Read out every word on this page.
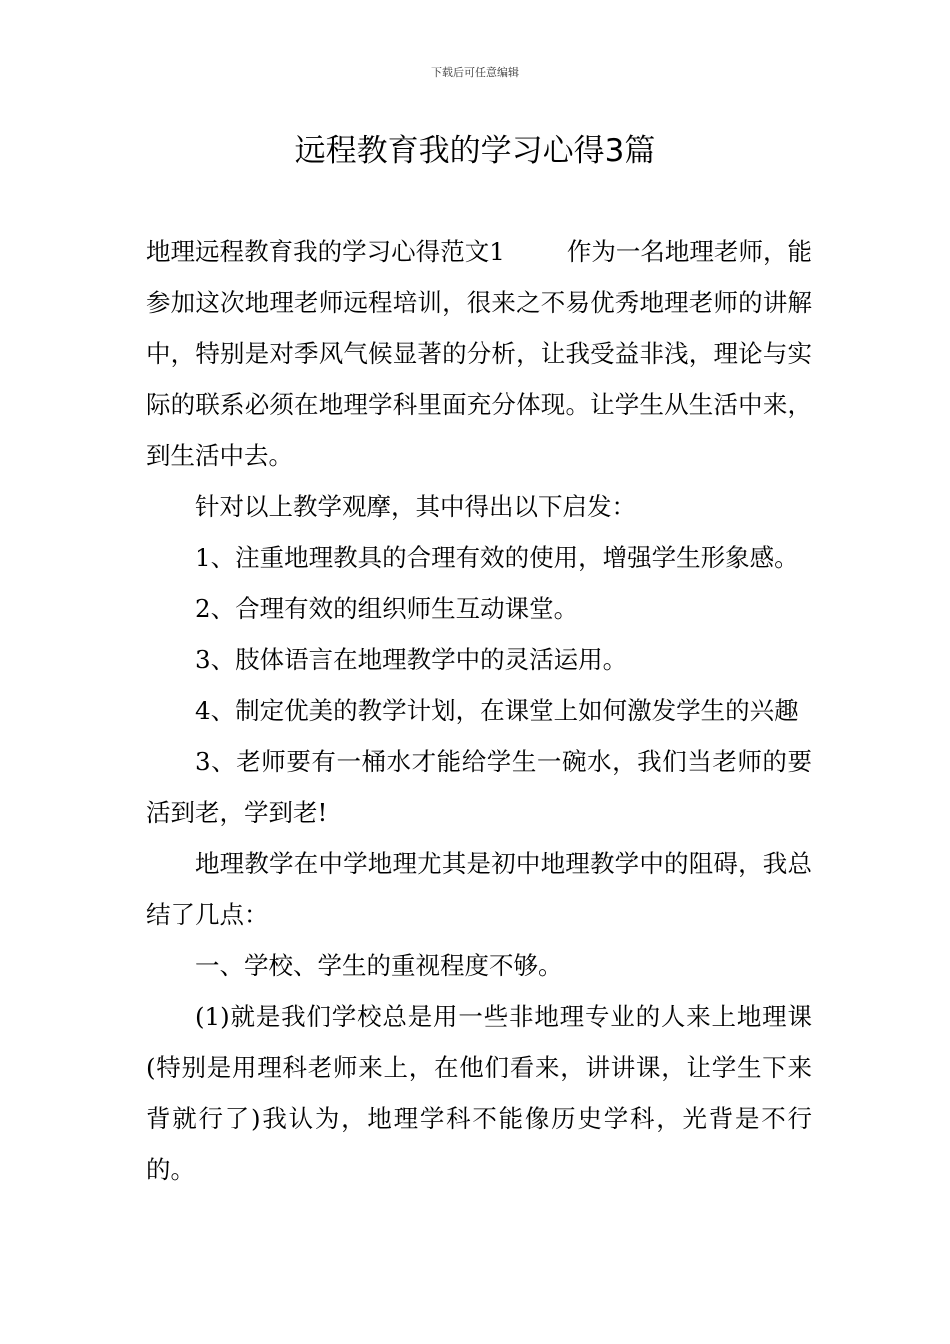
下载后可任意编辑
远程教育我的学习心得3篇

地理远程教育我的学习心得范文1	作为一名地理老师，能参加这次地理老师远程培训，很来之不易优秀地理老师的讲解中，特别是对季风气候显著的分析，让我受益非浅，理论与实际的联系必须在地理学科里面充分体现。让学生从生活中来，到生活中去。

针对以上教学观摩，其中得出以下启发：

1、注重地理教具的合理有效的使用，增强学生形象感。

2、合理有效的组织师生互动课堂。

3、肢体语言在地理教学中的灵活运用。

4、制定优美的教学计划，在课堂上如何激发学生的兴趣

3、老师要有一桶水才能给学生一碗水，我们当老师的要活到老，学到老!

地理教学在中学地理尤其是初中地理教学中的阻碍，我总结了几点：

一、学校、学生的重视程度不够。

(1)就是我们学校总是用一些非地理专业的人来上地理课(特别是用理科老师来上，在他们看来，讲讲课，让学生下来背就行了)我认为，地理学科不能像历史学科，光背是不行的。
